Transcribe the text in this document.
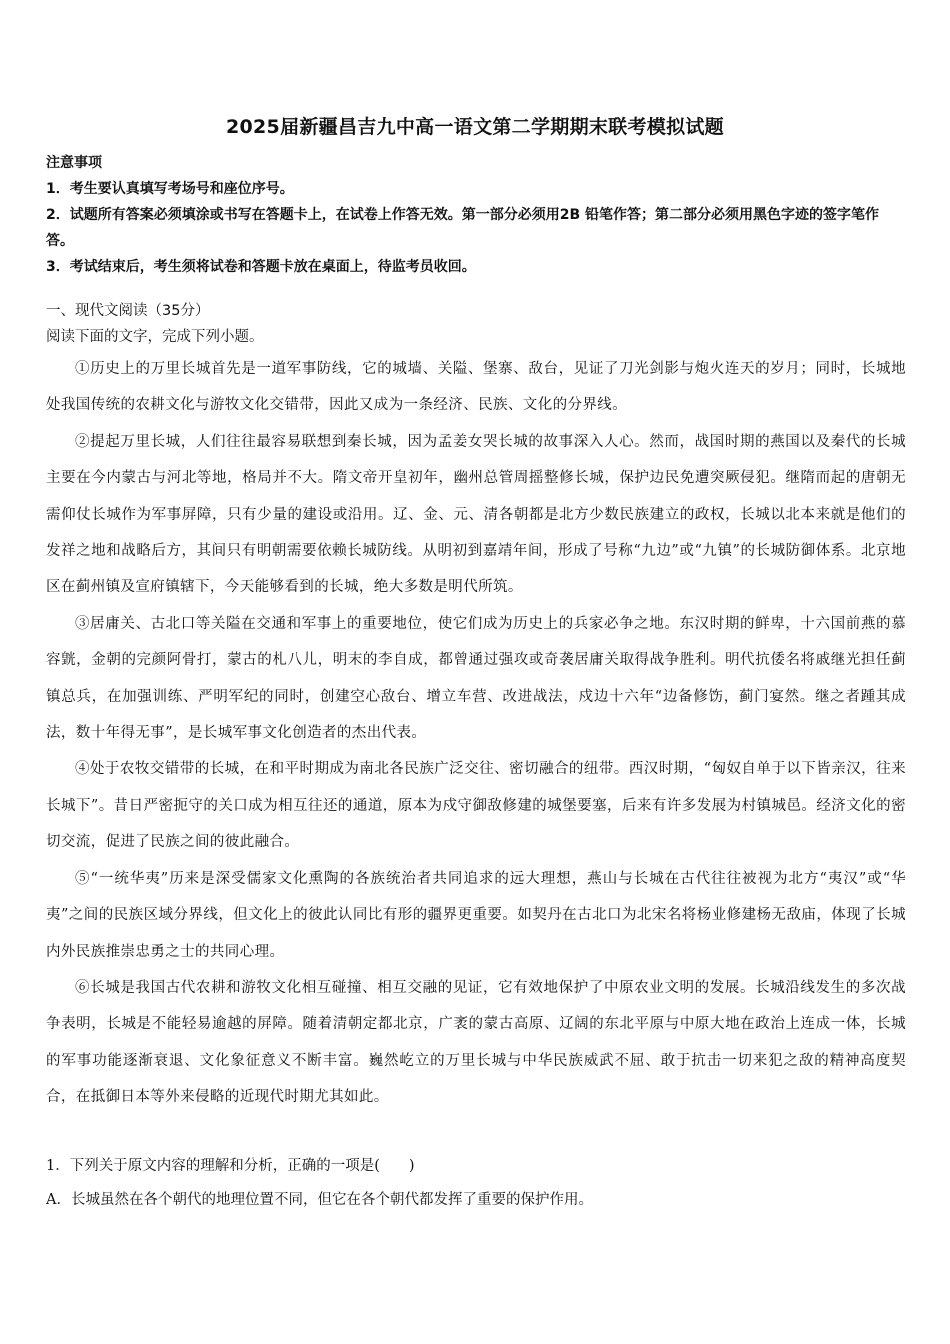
2025届新疆昌吉九中高一语文第二学期期末联考模拟试题

注意事项

1．考生要认真填写考场号和座位序号。

2．试题所有答案必须填涂或书写在答题卡上，在试卷上作答无效。第一部分必须用2B 铅笔作答；第二部分必须用黑色字迹的签字笔作答。

3．考试结束后，考生须将试卷和答题卡放在桌面上，待监考员收回。

一、现代文阅读（35分）

阅读下面的文字，完成下列小题。

①历史上的万里长城首先是一道军事防线，它的城墙、关隘、堡寨、敌台，见证了刀光剑影与炮火连天的岁月；同时，长城地处我国传统的农耕文化与游牧文化交错带，因此又成为一条经济、民族、文化的分界线。

②提起万里长城，人们往往最容易联想到秦长城，因为孟姜女哭长城的故事深入人心。然而，战国时期的燕国以及秦代的长城主要在今内蒙古与河北等地，格局并不大。隋文帝开皇初年，幽州总管周摇整修长城，保护边民免遭突厥侵犯。继隋而起的唐朝无需仰仗长城作为军事屏障，只有少量的建设或沿用。辽、金、元、清各朝都是北方少数民族建立的政权，长城以北本来就是他们的发祥之地和战略后方，其间只有明朝需要依赖长城防线。从明初到嘉靖年间，形成了号称“九边”或“九镇”的长城防御体系。北京地区在蓟州镇及宣府镇辖下，今天能够看到的长城，绝大多数是明代所筑。

③居庸关、古北口等关隘在交通和军事上的重要地位，使它们成为历史上的兵家必争之地。东汉时期的鲜卑，十六国前燕的慕容皝，金朝的完颜阿骨打，蒙古的札八儿，明末的李自成，都曾通过强攻或奇袭居庸关取得战争胜利。明代抗倭名将戚继光担任蓟镇总兵，在加强训练、严明军纪的同时，创建空心敌台、增立车营、改进战法，戍边十六年“边备修饬，蓟门宴然。继之者踵其成法，数十年得无事”，是长城军事文化创造者的杰出代表。

④处于农牧交错带的长城，在和平时期成为南北各民族广泛交往、密切融合的纽带。西汉时期，“匈奴自单于以下皆亲汉，往来长城下”。昔日严密扼守的关口成为相互往还的通道，原本为戍守御敌修建的城堡要塞，后来有许多发展为村镇城邑。经济文化的密切交流，促进了民族之间的彼此融合。

⑤“一统华夷”历来是深受儒家文化熏陶的各族统治者共同追求的远大理想，燕山与长城在古代往往被视为北方“夷汉”或“华夷”之间的民族区域分界线，但文化上的彼此认同比有形的疆界更重要。如契丹在古北口为北宋名将杨业修建杨无敌庙，体现了长城内外民族推崇忠勇之士的共同心理。

⑥长城是我国古代农耕和游牧文化相互碰撞、相互交融的见证，它有效地保护了中原农业文明的发展。长城沿线发生的多次战争表明，长城是不能轻易逾越的屏障。随着清朝定都北京，广袤的蒙古高原、辽阔的东北平原与中原大地在政治上连成一体，长城的军事功能逐渐衰退、文化象征意义不断丰富。巍然屹立的万里长城与中华民族威武不屈、敢于抗击一切来犯之敌的精神高度契合，在抵御日本等外来侵略的近现代时期尤其如此。

1．下列关于原文内容的理解和分析，正确的一项是(　　)

A．长城虽然在各个朝代的地理位置不同，但它在各个朝代都发挥了重要的保护作用。
